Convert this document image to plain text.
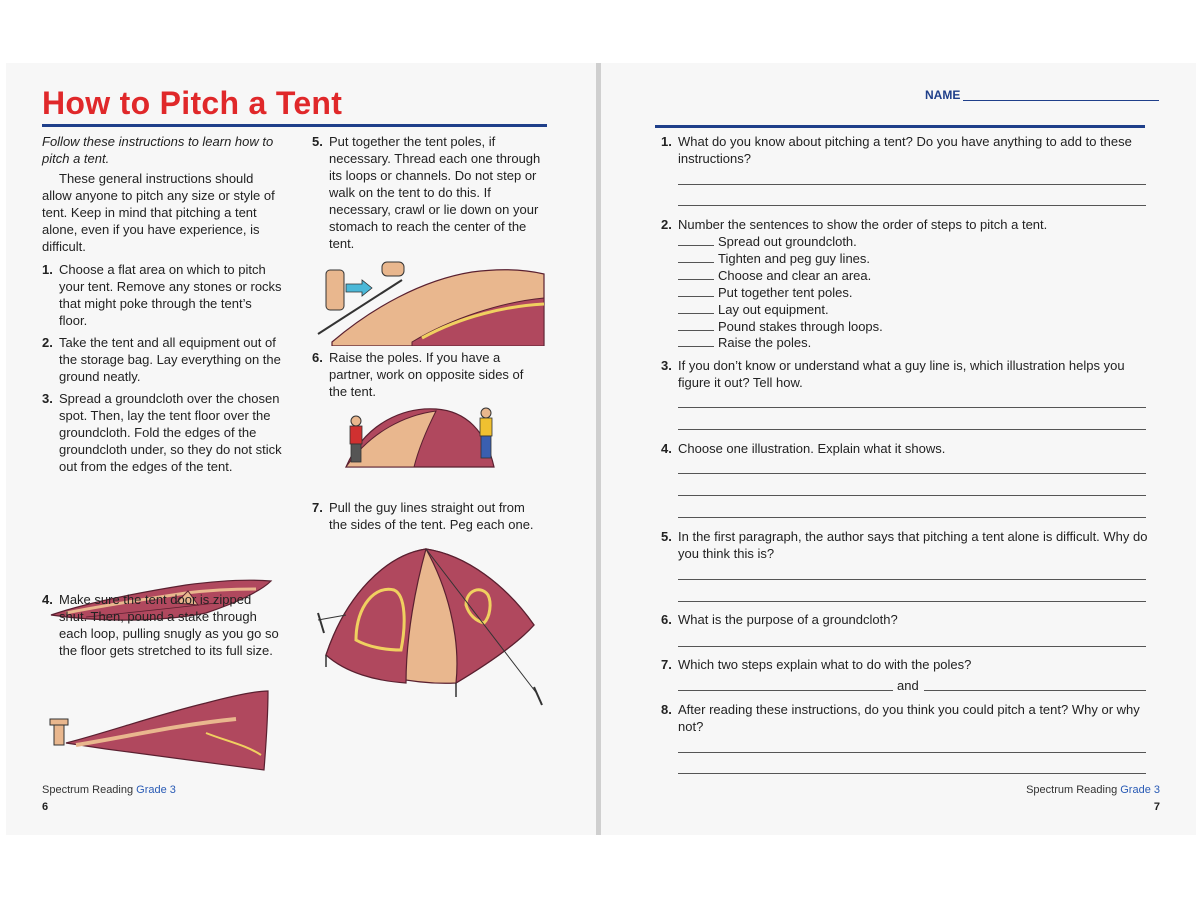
How to Pitch a Tent

Follow these instructions to learn how to pitch a tent.

These general instructions should allow anyone to pitch any size or style of tent. Keep in mind that pitching a tent alone, even if you have experience, is difficult.

1. Choose a flat area on which to pitch your tent. Remove any stones or rocks that might poke through the tent’s floor.
2. Take the tent and all equipment out of the storage bag. Lay everything on the ground neatly.
3. Spread a groundcloth over the chosen spot. Then, lay the tent floor over the groundcloth. Fold the edges of the groundcloth under, so they do not stick out from the edges of the tent.
4. Make sure the tent door is zipped shut. Then, pound a stake through each loop, pulling snugly as you go so the floor gets stretched to its full size.
5. Put together the tent poles, if necessary. Thread each one through its loops or channels. Do not step or walk on the tent to do this. If necessary, crawl or lie down on your stomach to reach the center of the tent.
6. Raise the poles. If you have a partner, work on opposite sides of the tent.
7. Pull the guy lines straight out from the sides of the tent. Peg each one.
Spectrum Reading Grade 3
6
NAME
1. What do you know about pitching a tent? Do you have anything to add to these instructions?
2. Number the sentences to show the order of steps to pitch a tent.
Spread out groundcloth.
Tighten and peg guy lines.
Choose and clear an area.
Put together tent poles.
Lay out equipment.
Pound stakes through loops.
Raise the poles.
3. If you don’t know or understand what a guy line is, which illustration helps you figure it out? Tell how.
4. Choose one illustration. Explain what it shows.
5. In the first paragraph, the author says that pitching a tent alone is difficult. Why do you think this is?
6. What is the purpose of a groundcloth?
7. Which two steps explain what to do with the poles?
and
8. After reading these instructions, do you think you could pitch a tent? Why or why not?
Spectrum Reading Grade 3
7
